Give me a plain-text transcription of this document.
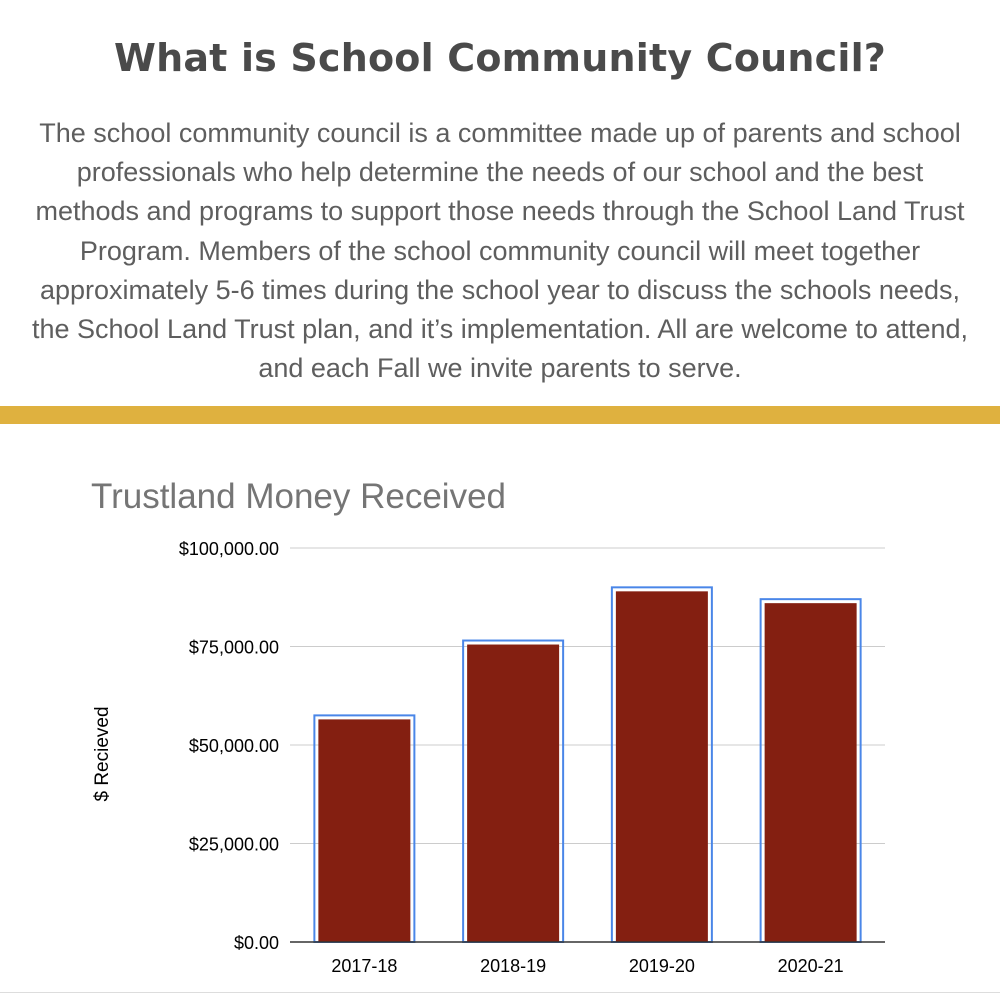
What is School Community Council?
The school community council is a committee made up of parents and school
professionals who help determine the needs of our school and the best
methods and programs to support those needs through the School Land Trust
Program. Members of the school community council will meet together
approximately 5-6 times during the school year to discuss the schools needs,
the School Land Trust plan, and it’s implementation. All are welcome to attend,
and each Fall we invite parents to serve.
Trustland Money Received
$ Recieved
$0.00
$25,000.00
$50,000.00
$75,000.00
$100,000.00
2017-18	2018-19	2019-20	2020-21
